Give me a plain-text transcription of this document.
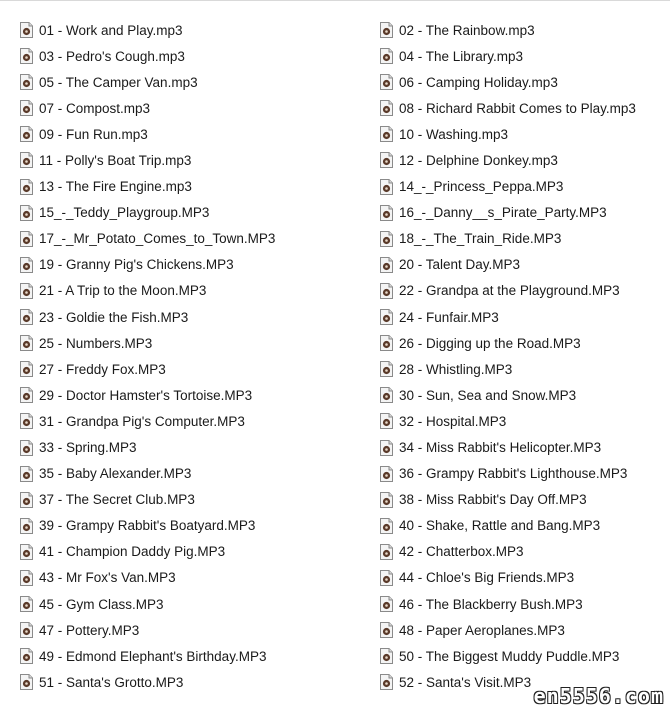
01 - Work and Play.mp3	02 - The Rainbow.mp3
03 - Pedro's Cough.mp3	04 - The Library.mp3
05 - The Camper Van.mp3	06 - Camping Holiday.mp3
07 - Compost.mp3	08 - Richard Rabbit Comes to Play.mp3
09 - Fun Run.mp3	10 - Washing.mp3
11 - Polly's Boat Trip.mp3	12 - Delphine Donkey.mp3
13 - The Fire Engine.mp3	14_-_Princess_Peppa.MP3
15_-_Teddy_Playgroup.MP3	16_-_Danny__s_Pirate_Party.MP3
17_-_Mr_Potato_Comes_to_Town.MP3	18_-_The_Train_Ride.MP3
19 - Granny Pig's Chickens.MP3	20 - Talent Day.MP3
21 - A Trip to the Moon.MP3	22 - Grandpa at the Playground.MP3
23 - Goldie the Fish.MP3	24 - Funfair.MP3
25 - Numbers.MP3	26 - Digging up the Road.MP3
27 - Freddy Fox.MP3	28 - Whistling.MP3
29 - Doctor Hamster's Tortoise.MP3	30 - Sun, Sea and Snow.MP3
31 - Grandpa Pig's Computer.MP3	32 - Hospital.MP3
33 - Spring.MP3	34 - Miss Rabbit's Helicopter.MP3
35 - Baby Alexander.MP3	36 - Grampy Rabbit's Lighthouse.MP3
37 - The Secret Club.MP3	38 - Miss Rabbit's Day Off.MP3
39 - Grampy Rabbit's Boatyard.MP3	40 - Shake, Rattle and Bang.MP3
41 - Champion Daddy Pig.MP3	42 - Chatterbox.MP3
43 - Mr Fox's Van.MP3	44 - Chloe's Big Friends.MP3
45 - Gym Class.MP3	46 - The Blackberry Bush.MP3
47 - Pottery.MP3	48 - Paper Aeroplanes.MP3
49 - Edmond Elephant's Birthday.MP3	50 - The Biggest Muddy Puddle.MP3
51 - Santa's Grotto.MP3	52 - Santa's Visit.MP3
en5556.com
